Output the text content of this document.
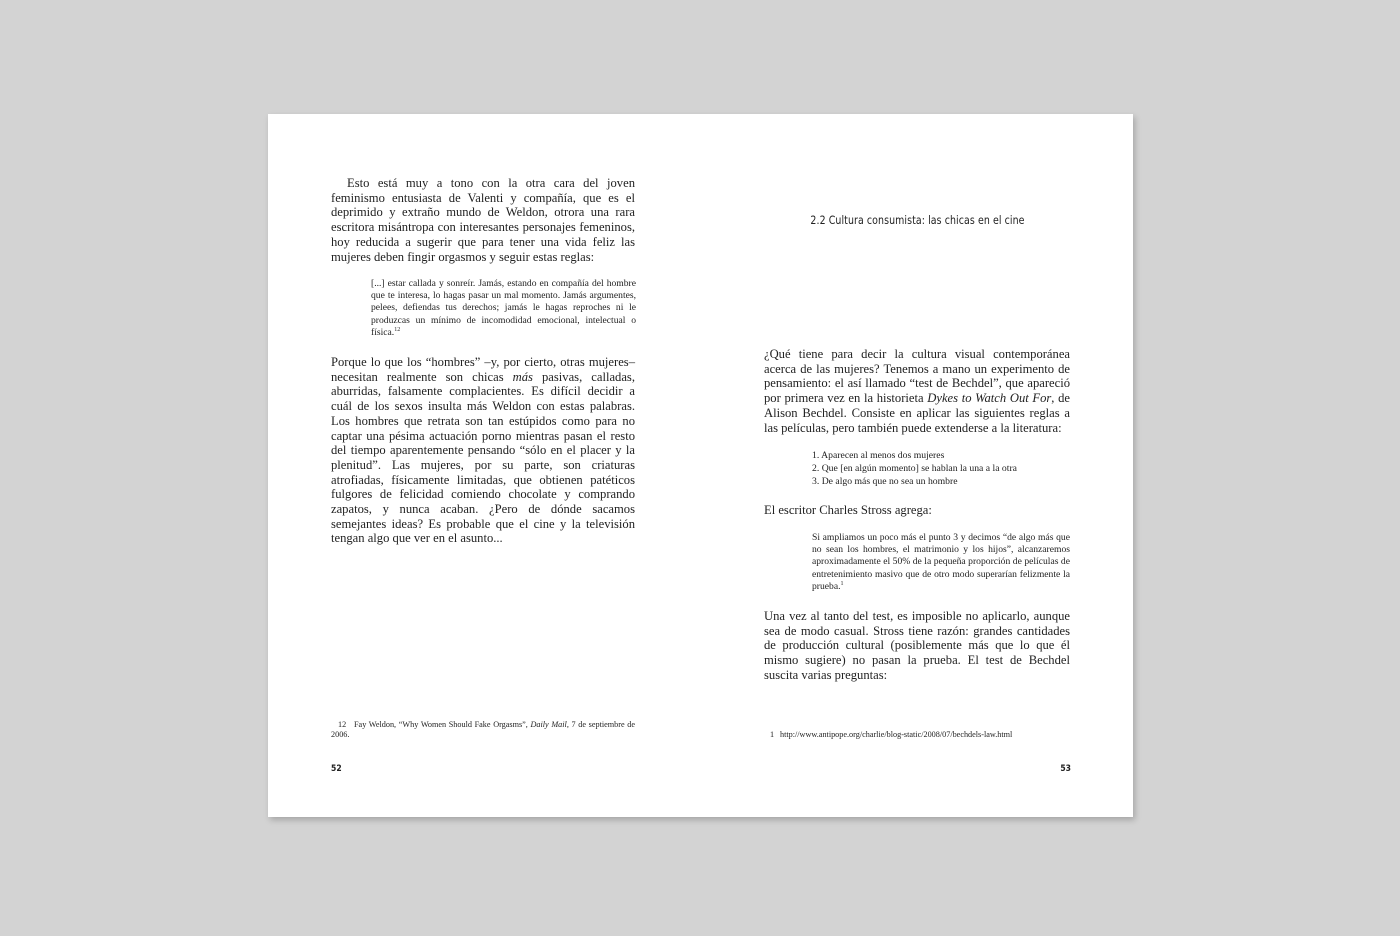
Esto está muy a tono con la otra cara del joven feminismo entusiasta de Valenti y compañía, que es el deprimido y extraño mundo de Weldon, otrora una rara escritora misántropa con interesantes personajes femeninos, hoy reducida a sugerir que para tener una vida feliz las mujeres deben fingir orgasmos y seguir estas reglas:

[...] estar callada y sonreír. Jamás, estando en compañía del hombre que te interesa, lo hagas pasar un mal momento. Jamás argumentes, pelees, defiendas tus derechos; jamás le hagas reproches ni le produzcas un mínimo de incomodidad emocional, intelectual o física.$^{12}$

Porque lo que los “hombres” –y, por cierto, otras mujeres– necesitan realmente son chicas más pasivas, calladas, aburridas, falsamente complacientes. Es difícil decidir a cuál de los sexos insulta más Weldon con estas palabras. Los hombres que retrata son tan estúpidos como para no captar una pésima actuación porno mientras pasan el resto del tiempo aparentemente pensando “sólo en el placer y la plenitud”. Las mujeres, por su parte, son criaturas atrofiadas, físicamente limitadas, que obtienen patéticos fulgores de felicidad comiendo chocolate y comprando zapatos, y nunca acaban. ¿Pero de dónde sacamos semejantes ideas? Es probable que el cine y la televisión tengan algo que ver en el asunto...

12 Fay Weldon, “Why Women Should Fake Orgasms”, Daily Mail, 7 de septiembre de 2006.

52

2.2 Cultura consumista: las chicas en el cine

¿Qué tiene para decir la cultura visual contemporánea acerca de las mujeres? Tenemos a mano un experimento de pensamiento: el así llamado “test de Bechdel”, que apareció por primera vez en la historieta Dykes to Watch Out For, de Alison Bechdel. Consiste en aplicar las siguientes reglas a las películas, pero también puede extenderse a la literatura:

1. Aparecen al menos dos mujeres
2. Que [en algún momento] se hablan la una a la otra
3. De algo más que no sea un hombre

El escritor Charles Stross agrega:

Si ampliamos un poco más el punto 3 y decimos “de algo más que no sean los hombres, el matrimonio y los hijos”, alcanzaremos aproximadamente el 50% de la pequeña proporción de películas de entretenimiento masivo que de otro modo superarían felizmente la prueba.$^1$

Una vez al tanto del test, es imposible no aplicarlo, aunque sea de modo casual. Stross tiene razón: grandes cantidades de producción cultural (posiblemente más que lo que él mismo sugiere) no pasan la prueba. El test de Bechdel suscita varias preguntas:

1 http://www.antipope.org/charlie/blog-static/2008/07/bechdels-law.html

53
